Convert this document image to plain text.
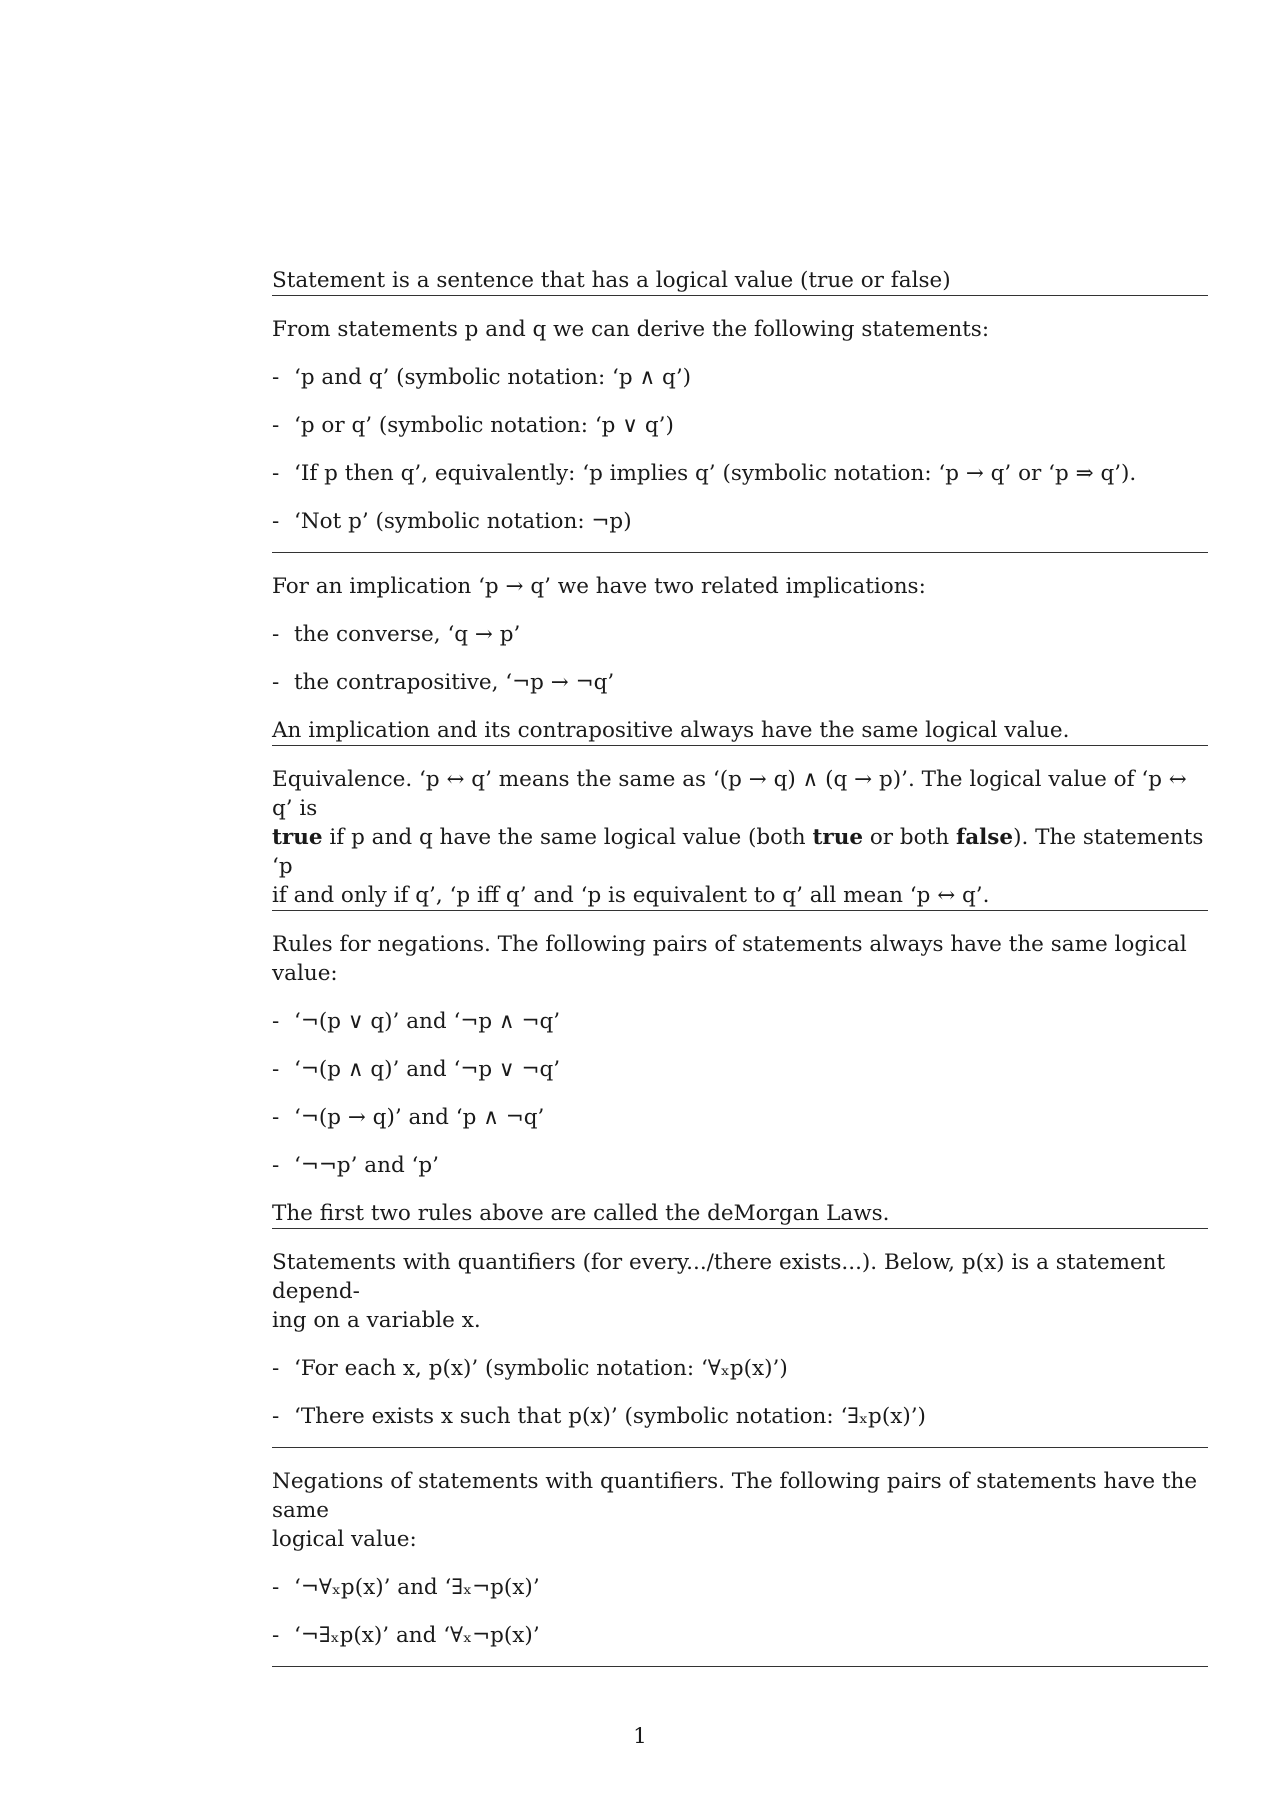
Statement is a sentence that has a logical value (true or false)

From statements p and q we can derive the following statements:

- ‘p and q’ (symbolic notation: ‘p ∧ q’)

- ‘p or q’ (symbolic notation: ‘p ∨ q’)

- ‘If p then q’, equivalently: ‘p implies q’ (symbolic notation: ‘p → q’ or ‘p ⇒ q’).

- ‘Not p’ (symbolic notation: ¬p)

For an implication ‘p → q’ we have two related implications:

- the converse, ‘q → p’

- the contrapositive, ‘¬p → ¬q’

An implication and its contrapositive always have the same logical value.

Equivalence. ‘p ↔ q’ means the same as ‘(p → q) ∧ (q → p)’. The logical value of ‘p ↔ q’ is

true if p and q have the same logical value (both true or both false). The statements ‘p

if and only if q’, ‘p iff q’ and ‘p is equivalent to q’ all mean ‘p ↔ q’.

Rules for negations. The following pairs of statements always have the same logical value:

- ‘¬(p ∨ q)’ and ‘¬p ∧ ¬q’

- ‘¬(p ∧ q)’ and ‘¬p ∨ ¬q’

- ‘¬(p → q)’ and ‘p ∧ ¬q’

- ‘¬¬p’ and ‘p’

The first two rules above are called the deMorgan Laws.

Statements with quantifiers (for every.../there exists...). Below, p(x) is a statement depend-

ing on a variable x.

- ‘For each x, p(x)’ (symbolic notation: ‘∀ₓp(x)’)

- ‘There exists x such that p(x)’ (symbolic notation: ‘∃ₓp(x)’)

Negations of statements with quantifiers. The following pairs of statements have the same

logical value:

- ‘¬∀ₓp(x)’ and ‘∃ₓ¬p(x)’

- ‘¬∃ₓp(x)’ and ‘∀ₓ¬p(x)’

1
